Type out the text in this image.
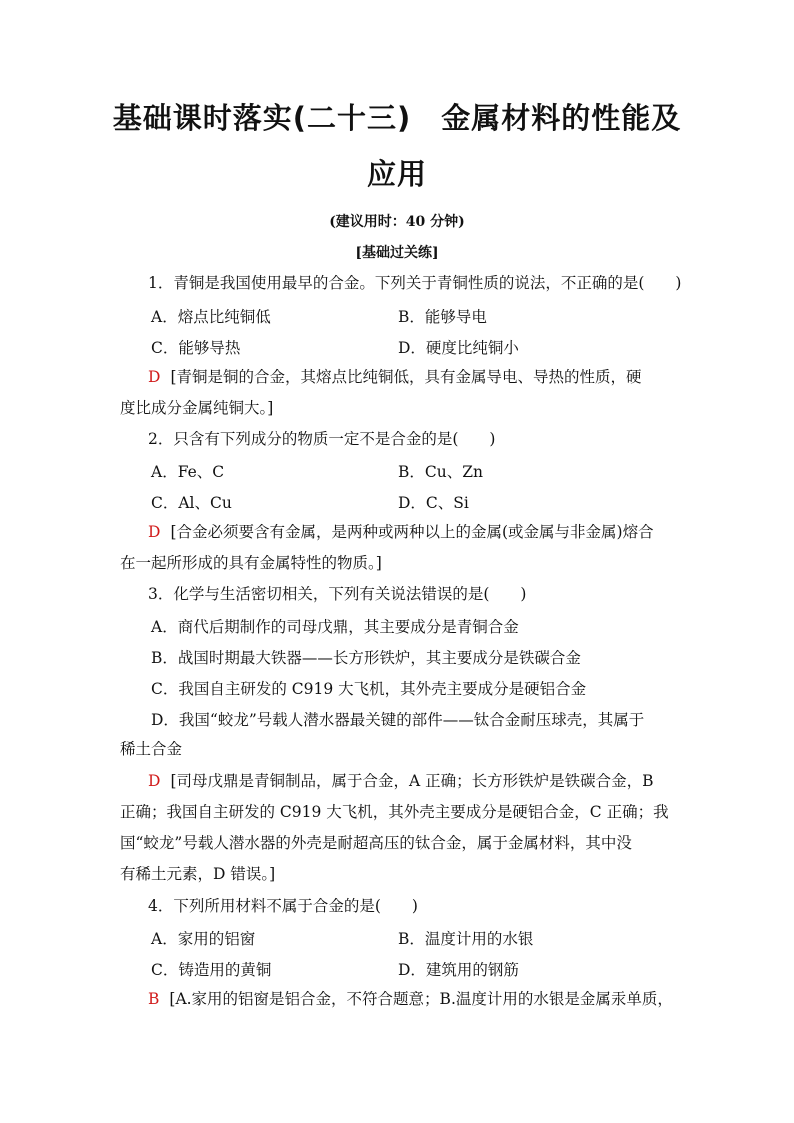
基础课时落实(二十三)　金属材料的性能及
应用
(建议用时：40 分钟)
[基础过关练]
1．青铜是我国使用最早的合金。下列关于青铜性质的说法，不正确的是(　　)
A．熔点比纯铜低	B．能够导电
C．能够导热	D．硬度比纯铜小
D [青铜是铜的合金，其熔点比纯铜低，具有金属导电、导热的性质，硬
度比成分金属纯铜大。]
2．只含有下列成分的物质一定不是合金的是(　　)
A．Fe、C	B．Cu、Zn
C．Al、Cu	D．C、Si
D [合金必须要含有金属，是两种或两种以上的金属(或金属与非金属)熔合
在一起所形成的具有金属特性的物质。]
3．化学与生活密切相关，下列有关说法错误的是(　　)
A．商代后期制作的司母戊鼎，其主要成分是青铜合金
B．战国时期最大铁器——长方形铁炉，其主要成分是铁碳合金
C．我国自主研发的 C919 大飞机，其外壳主要成分是硬铝合金
D．我国“蛟龙”号载人潜水器最关键的部件——钛合金耐压球壳，其属于
稀土合金
D [司母戊鼎是青铜制品，属于合金，A 正确；长方形铁炉是铁碳合金，B
正确；我国自主研发的 C919 大飞机，其外壳主要成分是硬铝合金，C 正确；我
国“蛟龙”号载人潜水器的外壳是耐超高压的钛合金，属于金属材料，其中没
有稀土元素，D 错误。]
4．下列所用材料不属于合金的是(　　)
A．家用的铝窗	B．温度计用的水银
C．铸造用的黄铜	D．建筑用的钢筋
B [A.家用的铝窗是铝合金，不符合题意；B.温度计用的水银是金属汞单质，
